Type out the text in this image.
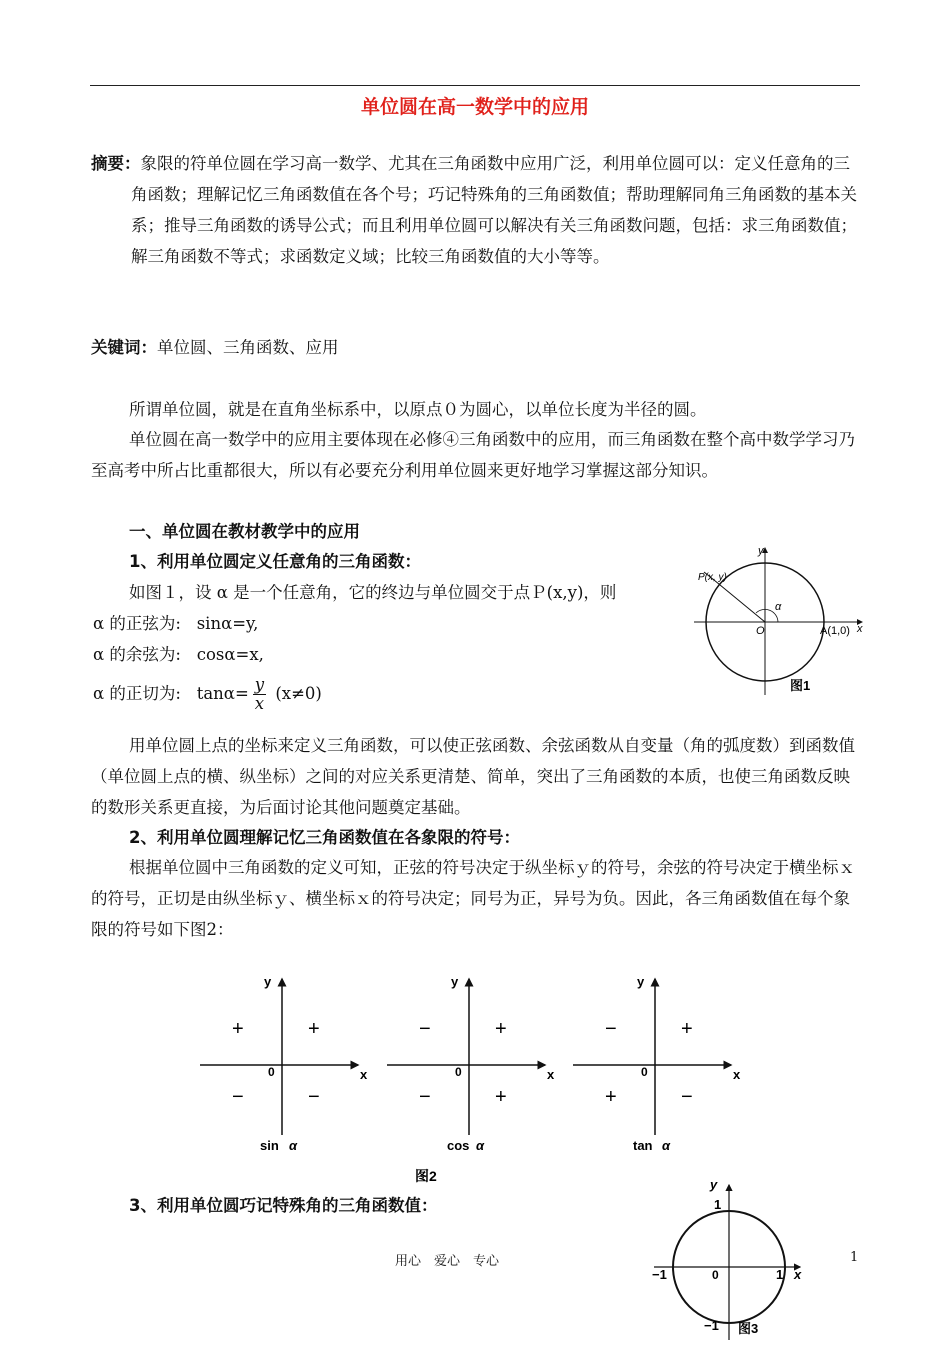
单位圆在高一数学中的应用
摘要：象限的符单位圆在学习高一数学、尤其在三角函数中应用广泛，利用单位圆可以：定义任意角的三角函数；理解记忆三角函数值在各个号；巧记特殊角的三角函数值；帮助理解同角三角函数的基本关系；推导三角函数的诱导公式；而且利用单位圆可以解决有关三角函数问题，包括：求三角函数值；解三角函数不等式；求函数定义域；比较三角函数值的大小等等。
关键词：单位圆、三角函数、应用
所谓单位圆，就是在直角坐标系中，以原点０为圆心，以单位长度为半径的圆。
单位圆在高一数学中的应用主要体现在必修④三角函数中的应用，而三角函数在整个高中数学学习乃至高考中所占比重都很大，所以有必要充分利用单位圆来更好地学习掌握这部分知识。
一、单位圆在教材教学中的应用
1、利用单位圆定义任意角的三角函数：
如图１，设 α 是一个任意角，它的终边与单位圆交于点Ｐ(x,y)，则
α 的正弦为: sinα=y,
α 的余弦为: cosα=x,
α 的正切为: $\tan\alpha= \frac{y}{x} (x\ne 0)$
P(x, y)
α
O	A(1,0) x
y
图1
用单位圆上点的坐标来定义三角函数，可以使正弦函数、余弦函数从自变量（角的弧度数）到函数值（单位圆上点的横、纵坐标）之间的对应关系更清楚、简单，突出了三角函数的本质，也使三角函数反映的数形关系更直接，为后面讨论其他问题奠定基础。
2、利用单位圆理解记忆三角函数值在各象限的符号：
根据单位圆中三角函数的定义可知，正弦的符号决定于纵坐标ｙ的符号，余弦的符号决定于横坐标ｘ的符号，正切是由纵坐标ｙ、横坐标ｘ的符号决定；同号为正，异号为负。因此，各三角函数值在每个象限的符号如下图2：
图2
y
x
0
+
+
−	−
sin α
y
x
0
+
−
−	+
cos α
y
x
0
+
−
+	−
tan α
3、利用单位圆巧记特殊角的三角函数值：
y
1
−1	0	1 x
−1 图3
用心　爱心　专心	1
